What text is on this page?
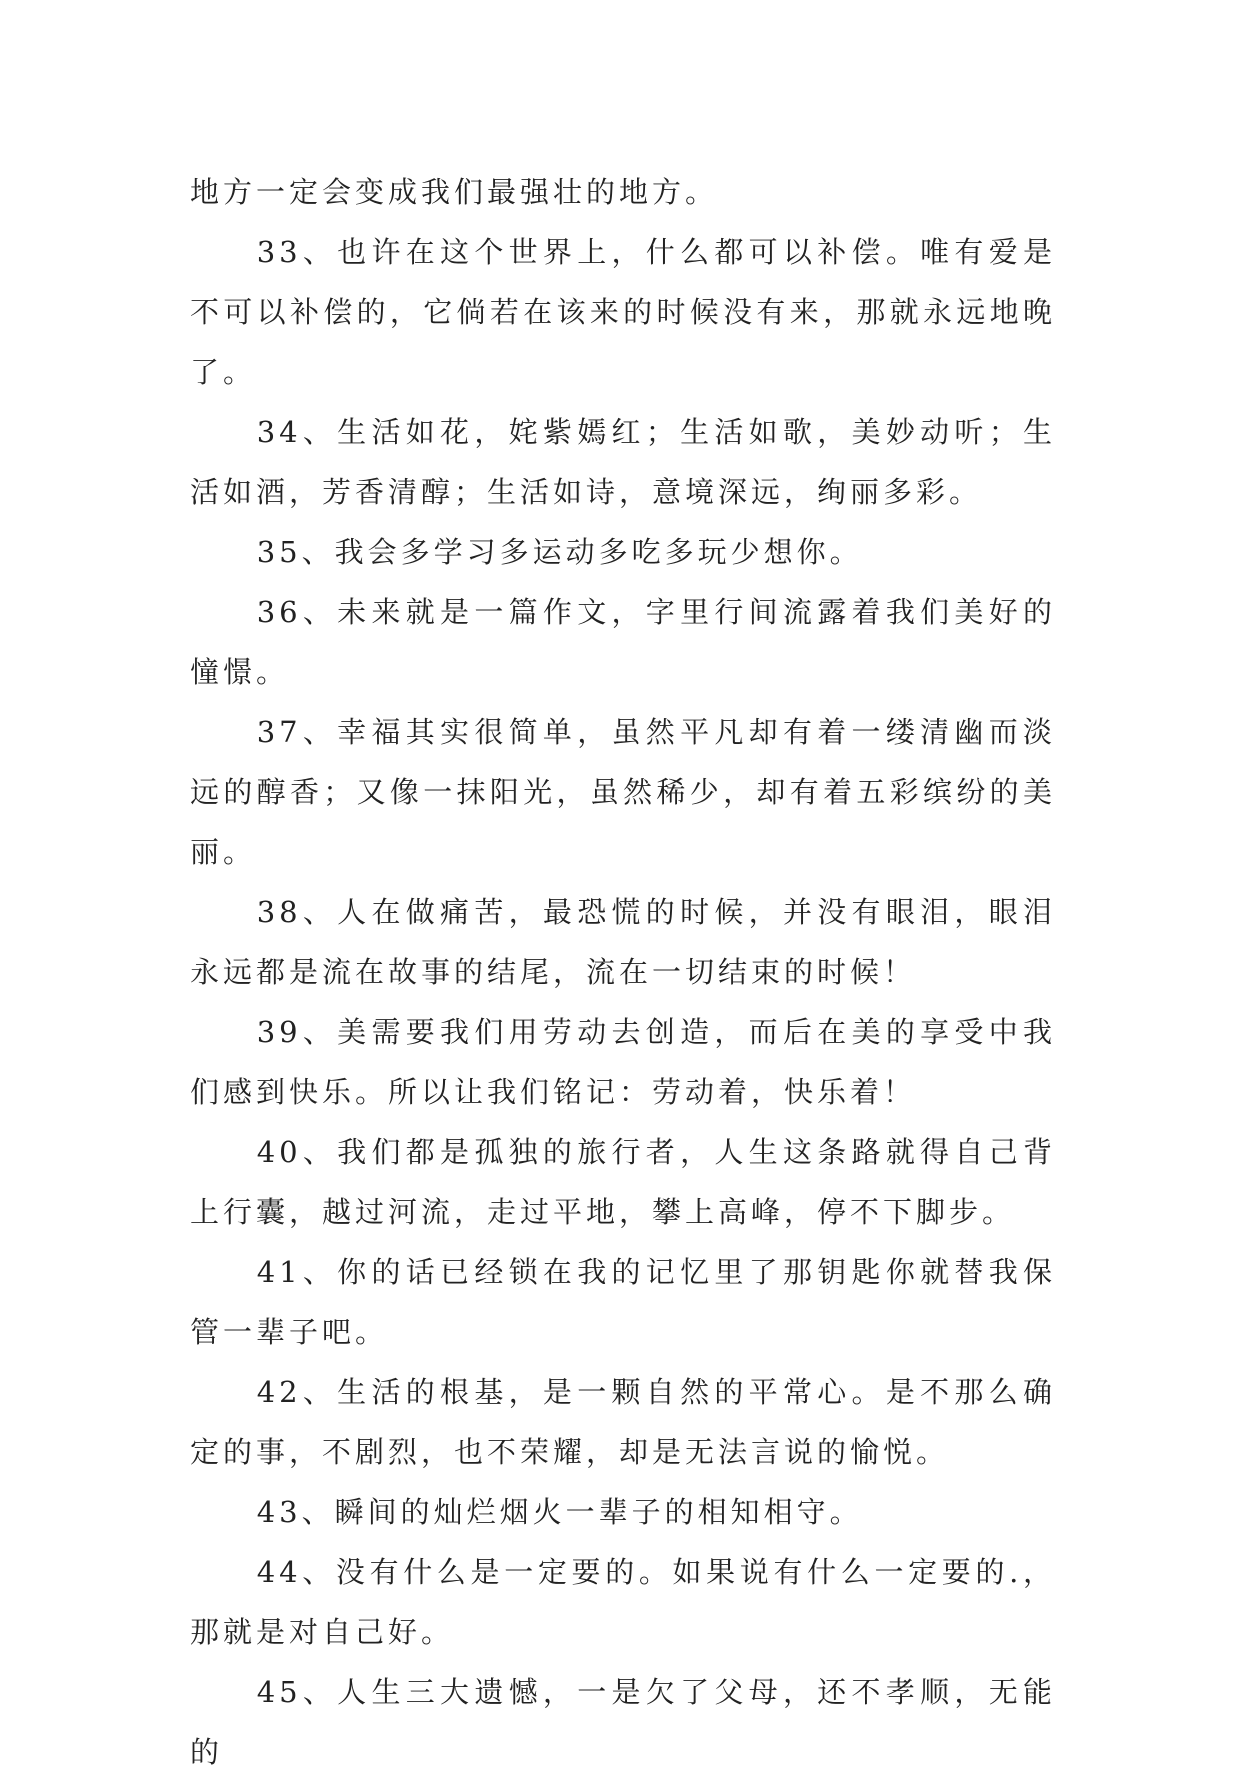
地方一定会变成我们最强壮的地方。

33、也许在这个世界上，什么都可以补偿。唯有爱是不可以补偿的，它倘若在该来的时候没有来，那就永远地晚了。

34、生活如花，姹紫嫣红；生活如歌，美妙动听；生活如酒，芳香清醇；生活如诗，意境深远，绚丽多彩。

35、我会多学习多运动多吃多玩少想你。

36、未来就是一篇作文，字里行间流露着我们美好的憧憬。

37、幸福其实很简单，虽然平凡却有着一缕清幽而淡远的醇香；又像一抹阳光，虽然稀少，却有着五彩缤纷的美丽。

38、人在做痛苦，最恐慌的时候，并没有眼泪，眼泪永远都是流在故事的结尾，流在一切结束的时候！

39、美需要我们用劳动去创造，而后在美的享受中我们感到快乐。所以让我们铭记：劳动着，快乐着！

40、我们都是孤独的旅行者，人生这条路就得自己背上行囊，越过河流，走过平地，攀上高峰，停不下脚步。

41、你的话已经锁在我的记忆里了那钥匙你就替我保管一辈子吧。

42、生活的根基，是一颗自然的平常心。是不那么确定的事，不剧烈，也不荣耀，却是无法言说的愉悦。

43、瞬间的灿烂烟火一辈子的相知相守。

44、没有什么是一定要的。如果说有什么一定要的.，那就是对自己好。

45、人生三大遗憾，一是欠了父母，还不孝顺，无能的
